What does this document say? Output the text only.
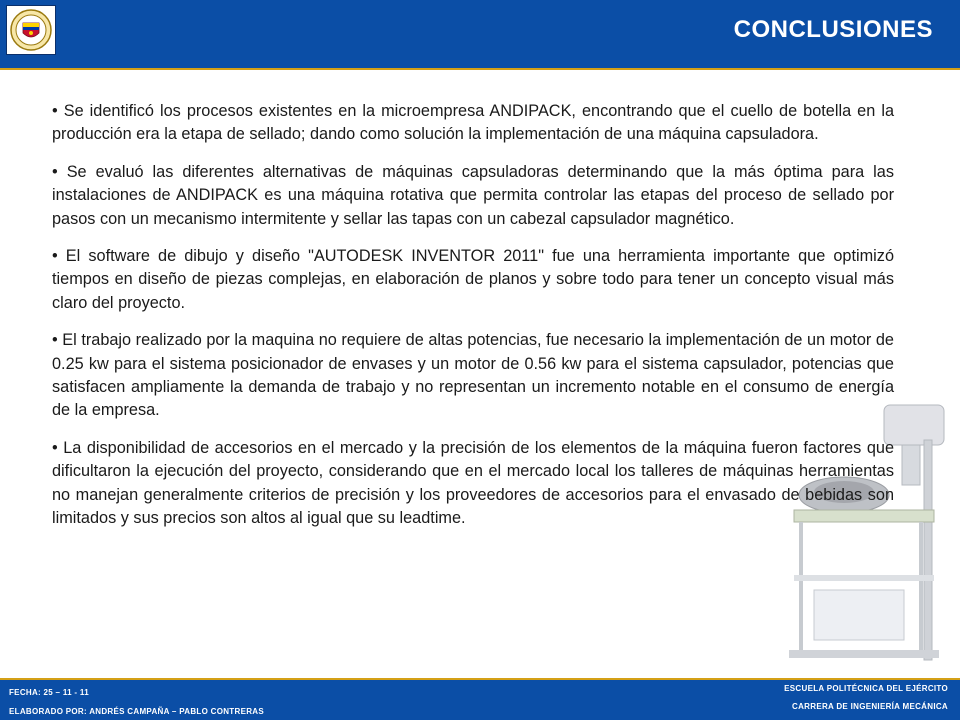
CONCLUSIONES

• Se identificó los procesos existentes en la microempresa ANDIPACK, encontrando que el cuello de botella en la producción era la etapa de sellado; dando como solución la implementación de una máquina capsuladora.

• Se evaluó las diferentes alternativas de máquinas capsuladoras determinando que la más óptima para las instalaciones de ANDIPACK es una máquina rotativa que permita controlar las etapas del proceso de sellado por pasos con un mecanismo intermitente y sellar las tapas con un cabezal capsulador magnético.

• El software de dibujo y diseño "AUTODESK INVENTOR 2011" fue una herramienta importante que optimizó tiempos en diseño de piezas complejas, en elaboración de planos y sobre todo para tener un concepto visual más claro del proyecto.

• El trabajo realizado por la maquina no requiere de altas potencias, fue necesario la implementación de un motor de 0.25 kw para el sistema posicionador de envases y un motor de 0.56 kw para el sistema capsulador, potencias que satisfacen ampliamente la demanda de trabajo y no representan un incremento notable en el consumo de energía de la empresa.

• La disponibilidad de accesorios en el mercado y la precisión de los elementos de la máquina fueron factores que dificultaron la ejecución del proyecto, considerando que en el mercado local los talleres de máquinas herramientas no manejan generalmente criterios de precisión y los proveedores de accesorios para el envasado de bebidas son limitados y sus precios son altos al igual que su leadtime.

FECHA: 25 – 11 - 11
ELABORADO POR: ANDRÉS CAMPAÑA – PABLO CONTRERAS
ESCUELA POLITÉCNICA DEL EJÉRCITO
CARRERA DE INGENIERÍA MECÁNICA
